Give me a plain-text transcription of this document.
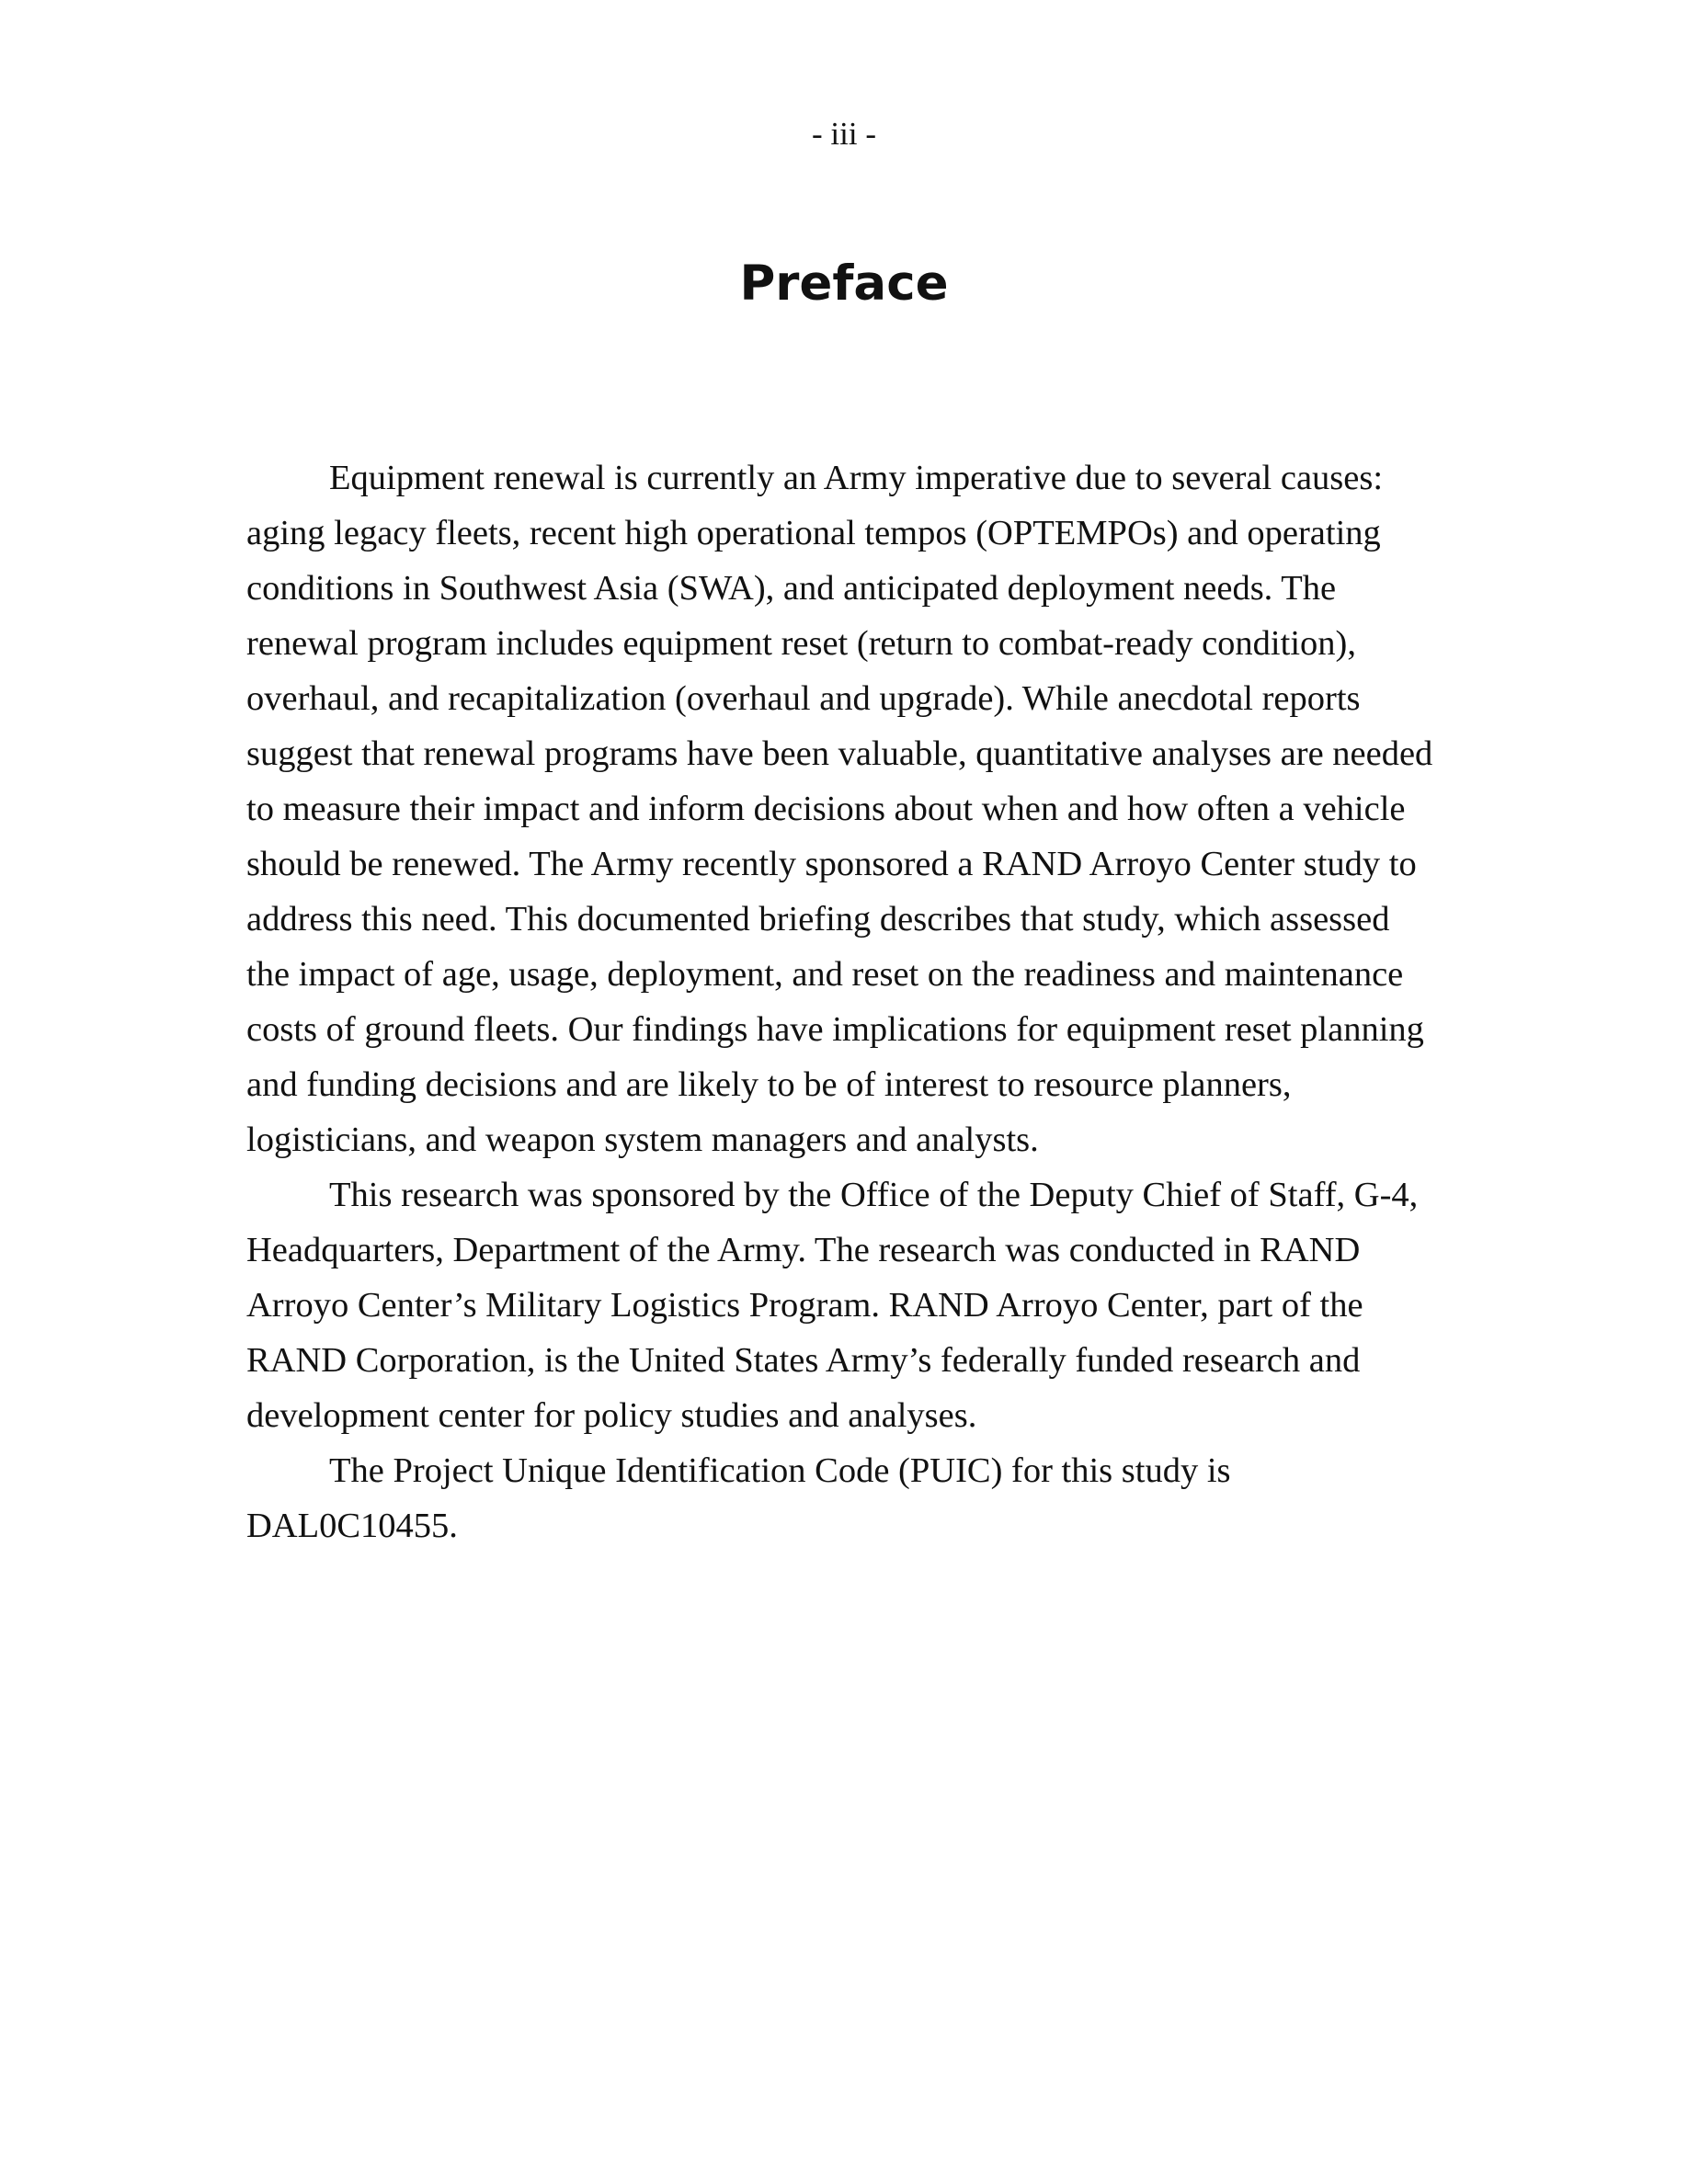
- iii -
Preface

Equipment renewal is currently an Army imperative due to several causes: aging legacy fleets, recent high operational tempos (OPTEMPOs) and operating conditions in Southwest Asia (SWA), and anticipated deployment needs. The renewal program includes equipment reset (return to combat-ready condition), overhaul, and recapitalization (overhaul and upgrade). While anecdotal reports suggest that renewal programs have been valuable, quantitative analyses are needed to measure their impact and inform decisions about when and how often a vehicle should be renewed. The Army recently sponsored a RAND Arroyo Center study to address this need. This documented briefing describes that study, which assessed the impact of age, usage, deployment, and reset on the readiness and maintenance costs of ground fleets. Our findings have implications for equipment reset planning and funding decisions and are likely to be of interest to resource planners, logisticians, and weapon system managers and analysts.

This research was sponsored by the Office of the Deputy Chief of Staff, G-4, Headquarters, Department of the Army. The research was conducted in RAND Arroyo Center’s Military Logistics Program. RAND Arroyo Center, part of the RAND Corporation, is the United States Army’s federally funded research and development center for policy studies and analyses.

The Project Unique Identification Code (PUIC) for this study is DAL0C10455.
